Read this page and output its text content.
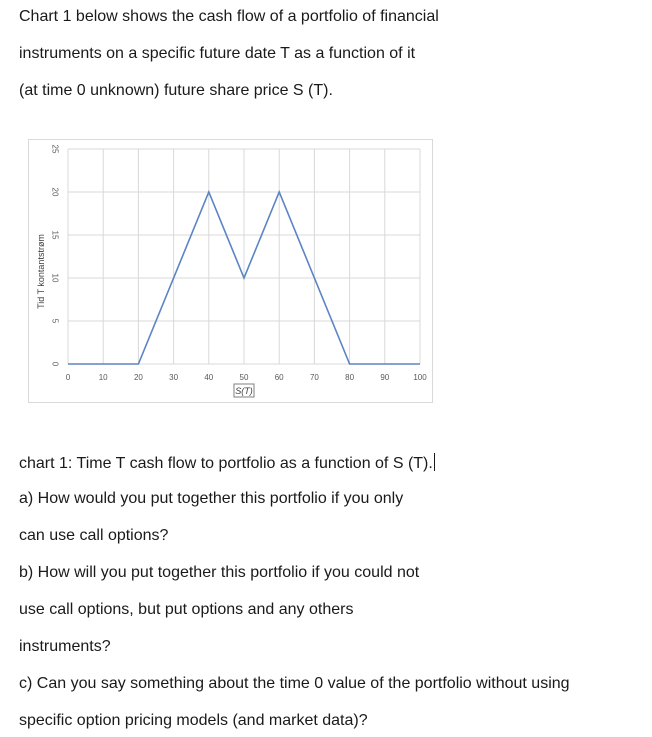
Chart 1 below shows the cash flow of a portfolio of financial
instruments on a specific future date T as a function of it
(at time 0 unknown) future share price S (T).
0
5
10
15
20
25
0	10	20	30	40	50	60	70	80	90	100
S(T)
Tid T kontantstrøm
chart 1: Time T cash flow to portfolio as a function of S (T).
a) How would you put together this portfolio if you only
can use call options?
b) How will you put together this portfolio if you could not
use call options, but put options and any others
instruments?
c) Can you say something about the time 0 value of the portfolio without using
specific option pricing models (and market data)?
